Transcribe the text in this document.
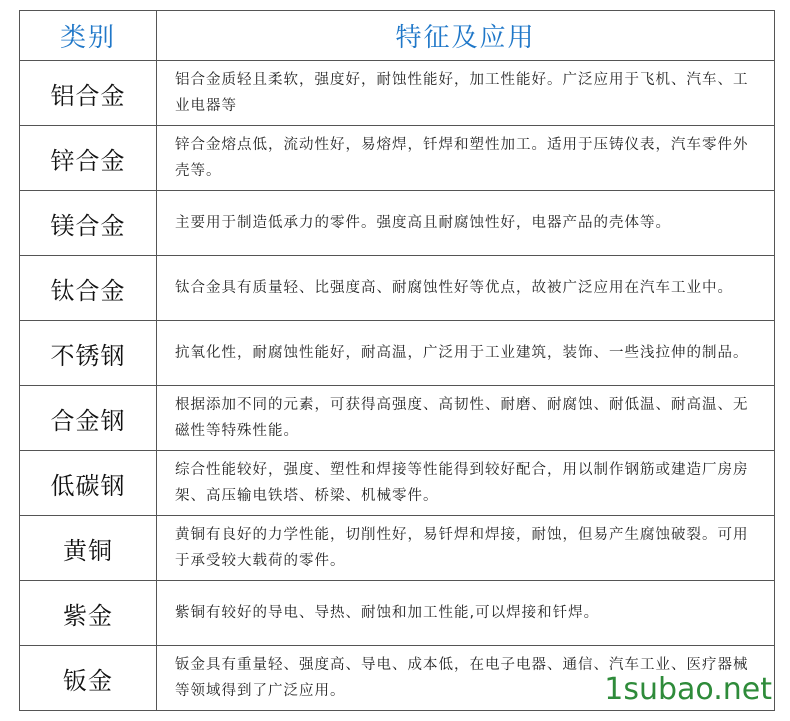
类别	特征及应用
铝合金	铝合金质轻且柔软，强度好，耐蚀性能好，加工性能好。广泛应用于飞机、汽车、工业电器等
锌合金	锌合金熔点低，流动性好，易熔焊，钎焊和塑性加工。适用于压铸仪表，汽车零件外壳等。
镁合金	主要用于制造低承力的零件。强度高且耐腐蚀性好，电器产品的壳体等。
钛合金	钛合金具有质量轻、比强度高、耐腐蚀性好等优点，故被广泛应用在汽车工业中。
不锈钢	抗氧化性，耐腐蚀性能好，耐高温，广泛用于工业建筑，装饰、一些浅拉伸的制品。
合金钢	根据添加不同的元素，可获得高强度、高韧性、耐磨、耐腐蚀、耐低温、耐高温、无磁性等特殊性能。
低碳钢	综合性能较好，强度、塑性和焊接等性能得到较好配合，用以制作钢筋或建造厂房房架、高压输电铁塔、桥梁、机械零件。
黄铜	黄铜有良好的力学性能，切削性好，易钎焊和焊接，耐蚀，但易产生腐蚀破裂。可用于承受较大载荷的零件。
紫金	紫铜有较好的导电、导热、耐蚀和加工性能,可以焊接和钎焊。
钣金	钣金具有重量轻、强度高、导电、成本低，在电子电器、通信、汽车工业、医疗器械等领域得到了广泛应用。	1subao.net
